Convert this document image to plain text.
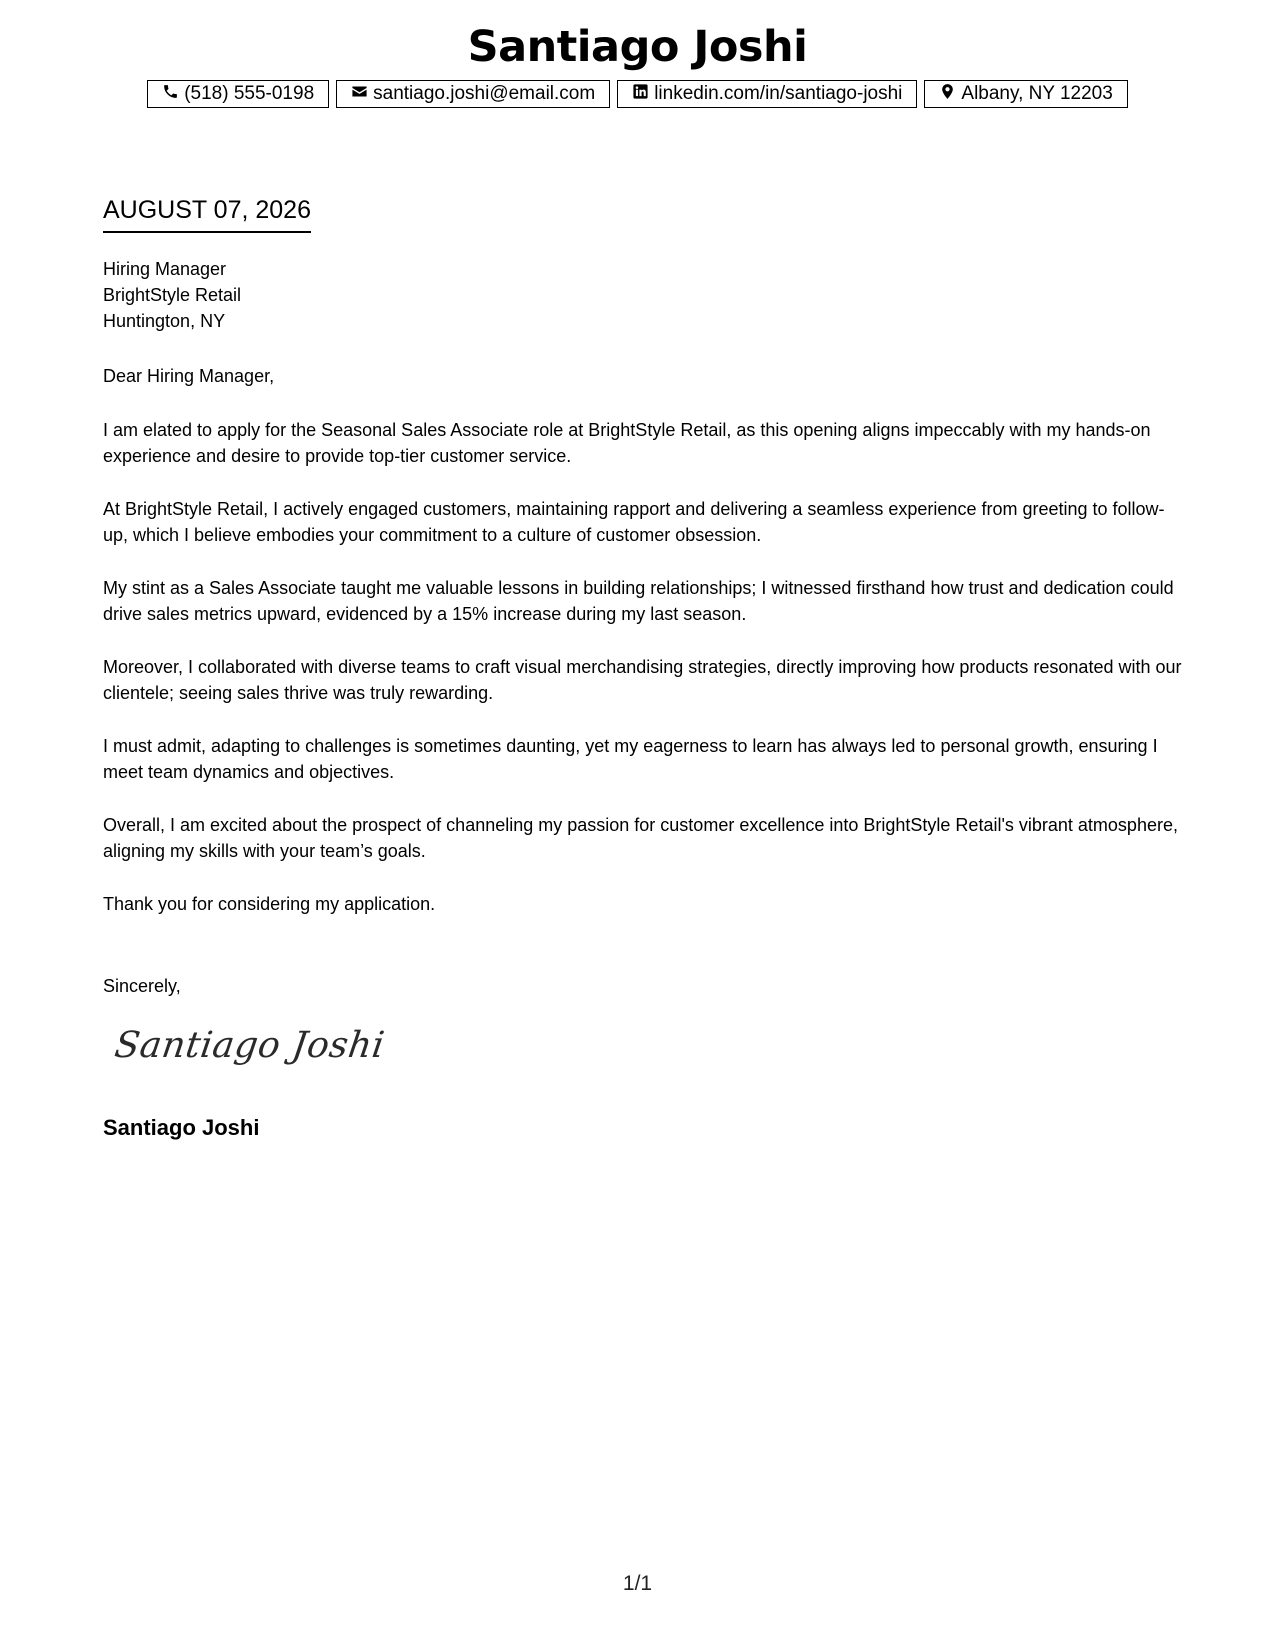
Santiago Joshi
(518) 555-0198	santiago.joshi@email.com	linkedin.com/in/santiago-joshi	Albany, NY 12203
AUGUST 07, 2026
Hiring Manager
BrightStyle Retail
Huntington, NY

Dear Hiring Manager,

I am elated to apply for the Seasonal Sales Associate role at BrightStyle Retail, as this opening aligns impeccably with my hands-on experience and desire to provide top-tier customer service.

At BrightStyle Retail, I actively engaged customers, maintaining rapport and delivering a seamless experience from greeting to follow-up, which I believe embodies your commitment to a culture of customer obsession.

My stint as a Sales Associate taught me valuable lessons in building relationships; I witnessed firsthand how trust and dedication could drive sales metrics upward, evidenced by a 15% increase during my last season.

Moreover, I collaborated with diverse teams to craft visual merchandising strategies, directly improving how products resonated with our clientele; seeing sales thrive was truly rewarding.

I must admit, adapting to challenges is sometimes daunting, yet my eagerness to learn has always led to personal growth, ensuring I meet team dynamics and objectives.

Overall, I am excited about the prospect of channeling my passion for customer excellence into BrightStyle Retail's vibrant atmosphere, aligning my skills with your team’s goals.

Thank you for considering my application.

Sincerely,
Santiago Joshi
Santiago Joshi
1/1
